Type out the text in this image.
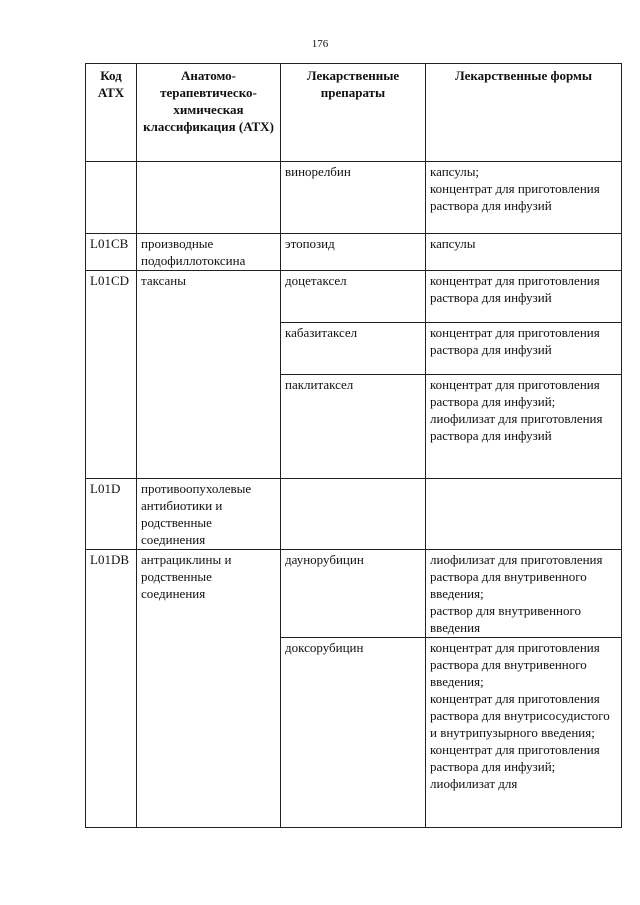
176
Код АТХ	Анатомо-терапевтическо-химическая классификация (АТХ)	Лекарственные препараты	Лекарственные формы
		винорелбин	капсулы;
концентрат для приготовления раствора для инфузий

L01CB	производные подофиллотоксина	этопозид	капсулы

L01CD	таксаны	доцетаксел	концентрат для приготовления раствора для инфузий

		кабазитаксел	концентрат для приготовления раствора для инфузий

		паклитаксел	концентрат для приготовления раствора для инфузий;
лиофилизат для приготовления раствора для инфузий

L01D	противоопухолевые антибиотики и родственные соединения		
L01DB	антрациклины и родственные соединения	даунорубицин	лиофилизат для приготовления раствора для внутривенного введения;
раствор для внутривенного введения

		доксорубицин	концентрат для приготовления раствора для внутривенного введения;
концентрат для приготовления раствора для внутрисосудистого и внутрипузырного введения;
концентрат для приготовления раствора для инфузий;
лиофилизат для
